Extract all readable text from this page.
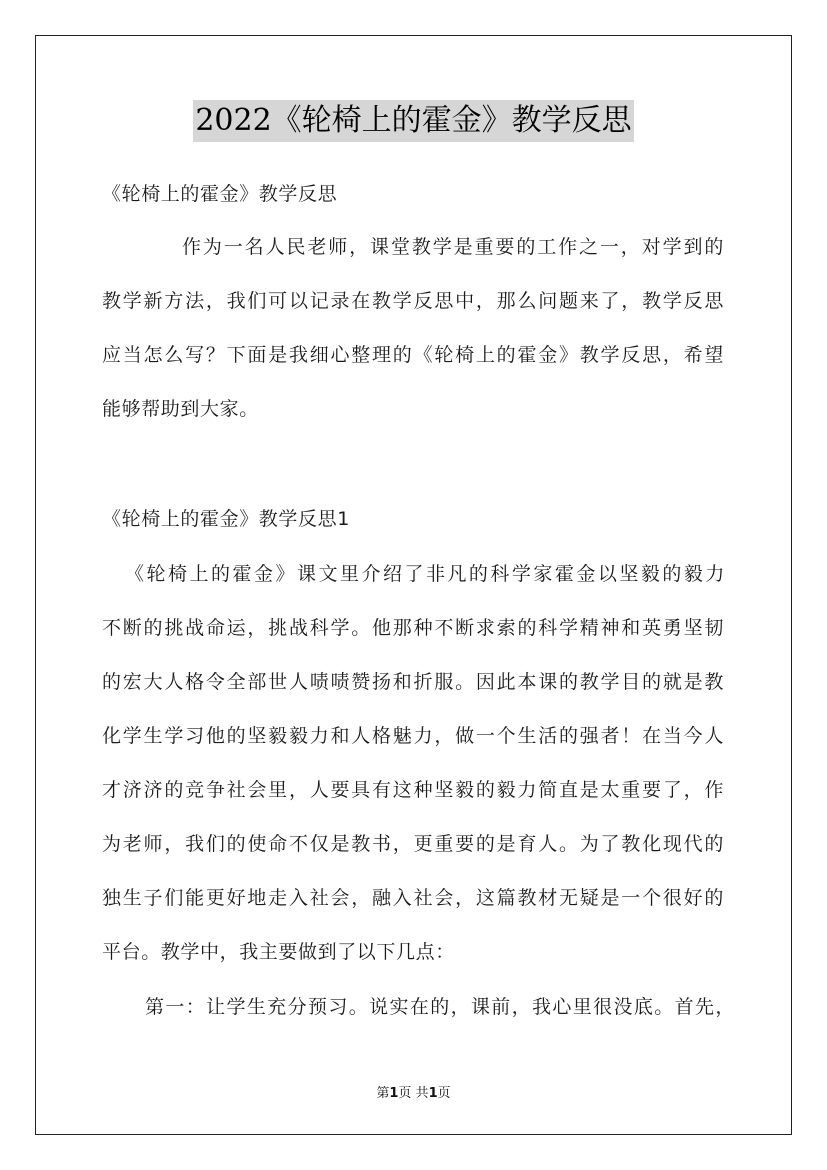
2022《轮椅上的霍金》教学反思
《轮椅上的霍金》教学反思
作为一名人民老师，课堂教学是重要的工作之一，对学到的
教学新方法，我们可以记录在教学反思中，那么问题来了，教学反思
应当怎么写？下面是我细心整理的《轮椅上的霍金》教学反思，希望
能够帮助到大家。
《轮椅上的霍金》教学反思1
《轮椅上的霍金》课文里介绍了非凡的科学家霍金以坚毅的毅力
不断的挑战命运，挑战科学。他那种不断求索的科学精神和英勇坚韧
的宏大人格令全部世人啧啧赞扬和折服。因此本课的教学目的就是教
化学生学习他的坚毅毅力和人格魅力，做一个生活的强者！在当今人
才济济的竞争社会里，人要具有这种坚毅的毅力简直是太重要了，作
为老师，我们的使命不仅是教书，更重要的是育人。为了教化现代的
独生子们能更好地走入社会，融入社会，这篇教材无疑是一个很好的
平台。教学中，我主要做到了以下几点：
第一：让学生充分预习。说实在的，课前，我心里很没底。首先，
第1页 共1页
